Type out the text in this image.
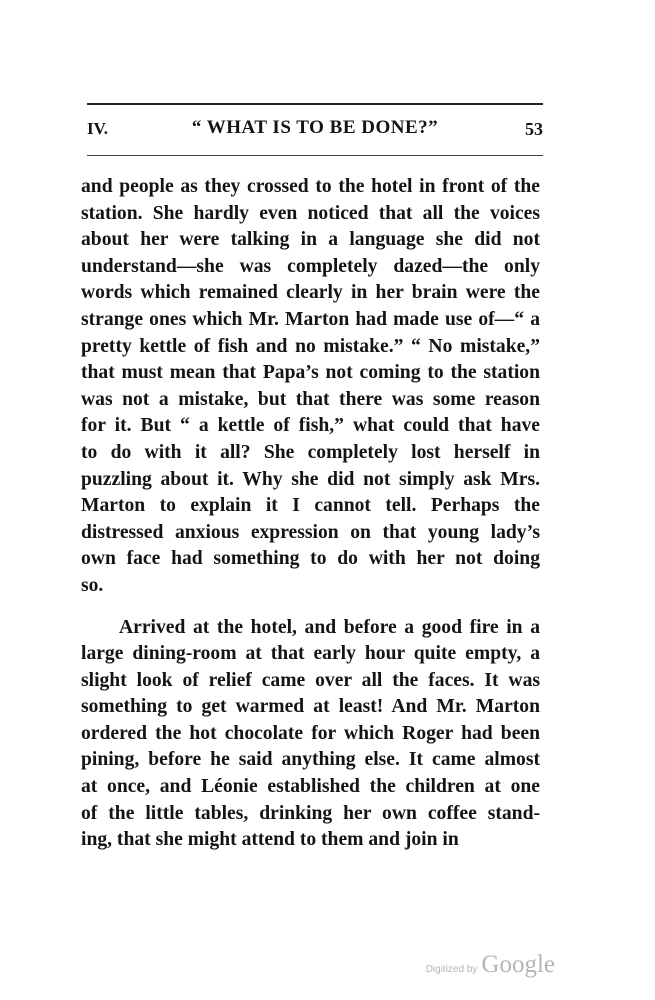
IV.	“ WHAT IS TO BE DONE?”	53
and people as they crossed to the hotel in front of the
station. She hardly even noticed that all the voices
about her were talking in a language she did not
understand—she was completely dazed—the only
words which remained clearly in her brain were the
strange ones which Mr. Marton had made use of—“ a
pretty kettle of fish and no mistake.” “ No mistake,”
that must mean that Papa’s not coming to the station
was not a mistake, but that there was some reason
for it. But “ a kettle of fish,” what could that have
to do with it all? She completely lost herself in
puzzling about it. Why she did not simply ask Mrs.
Marton to explain it I cannot tell. Perhaps the
distressed anxious expression on that young lady’s
own face had something to do with her not doing
so.
Arrived at the hotel, and before a good fire in a
large dining-room at that early hour quite empty, a
slight look of relief came over all the faces. It was
something to get warmed at least! And Mr. Marton
ordered the hot chocolate for which Roger had been
pining, before he said anything else. It came almost
at once, and Léonie established the children at one
of the little tables, drinking her own coffee stand-
ing, that she might attend to them and join in
Digitized by Google
